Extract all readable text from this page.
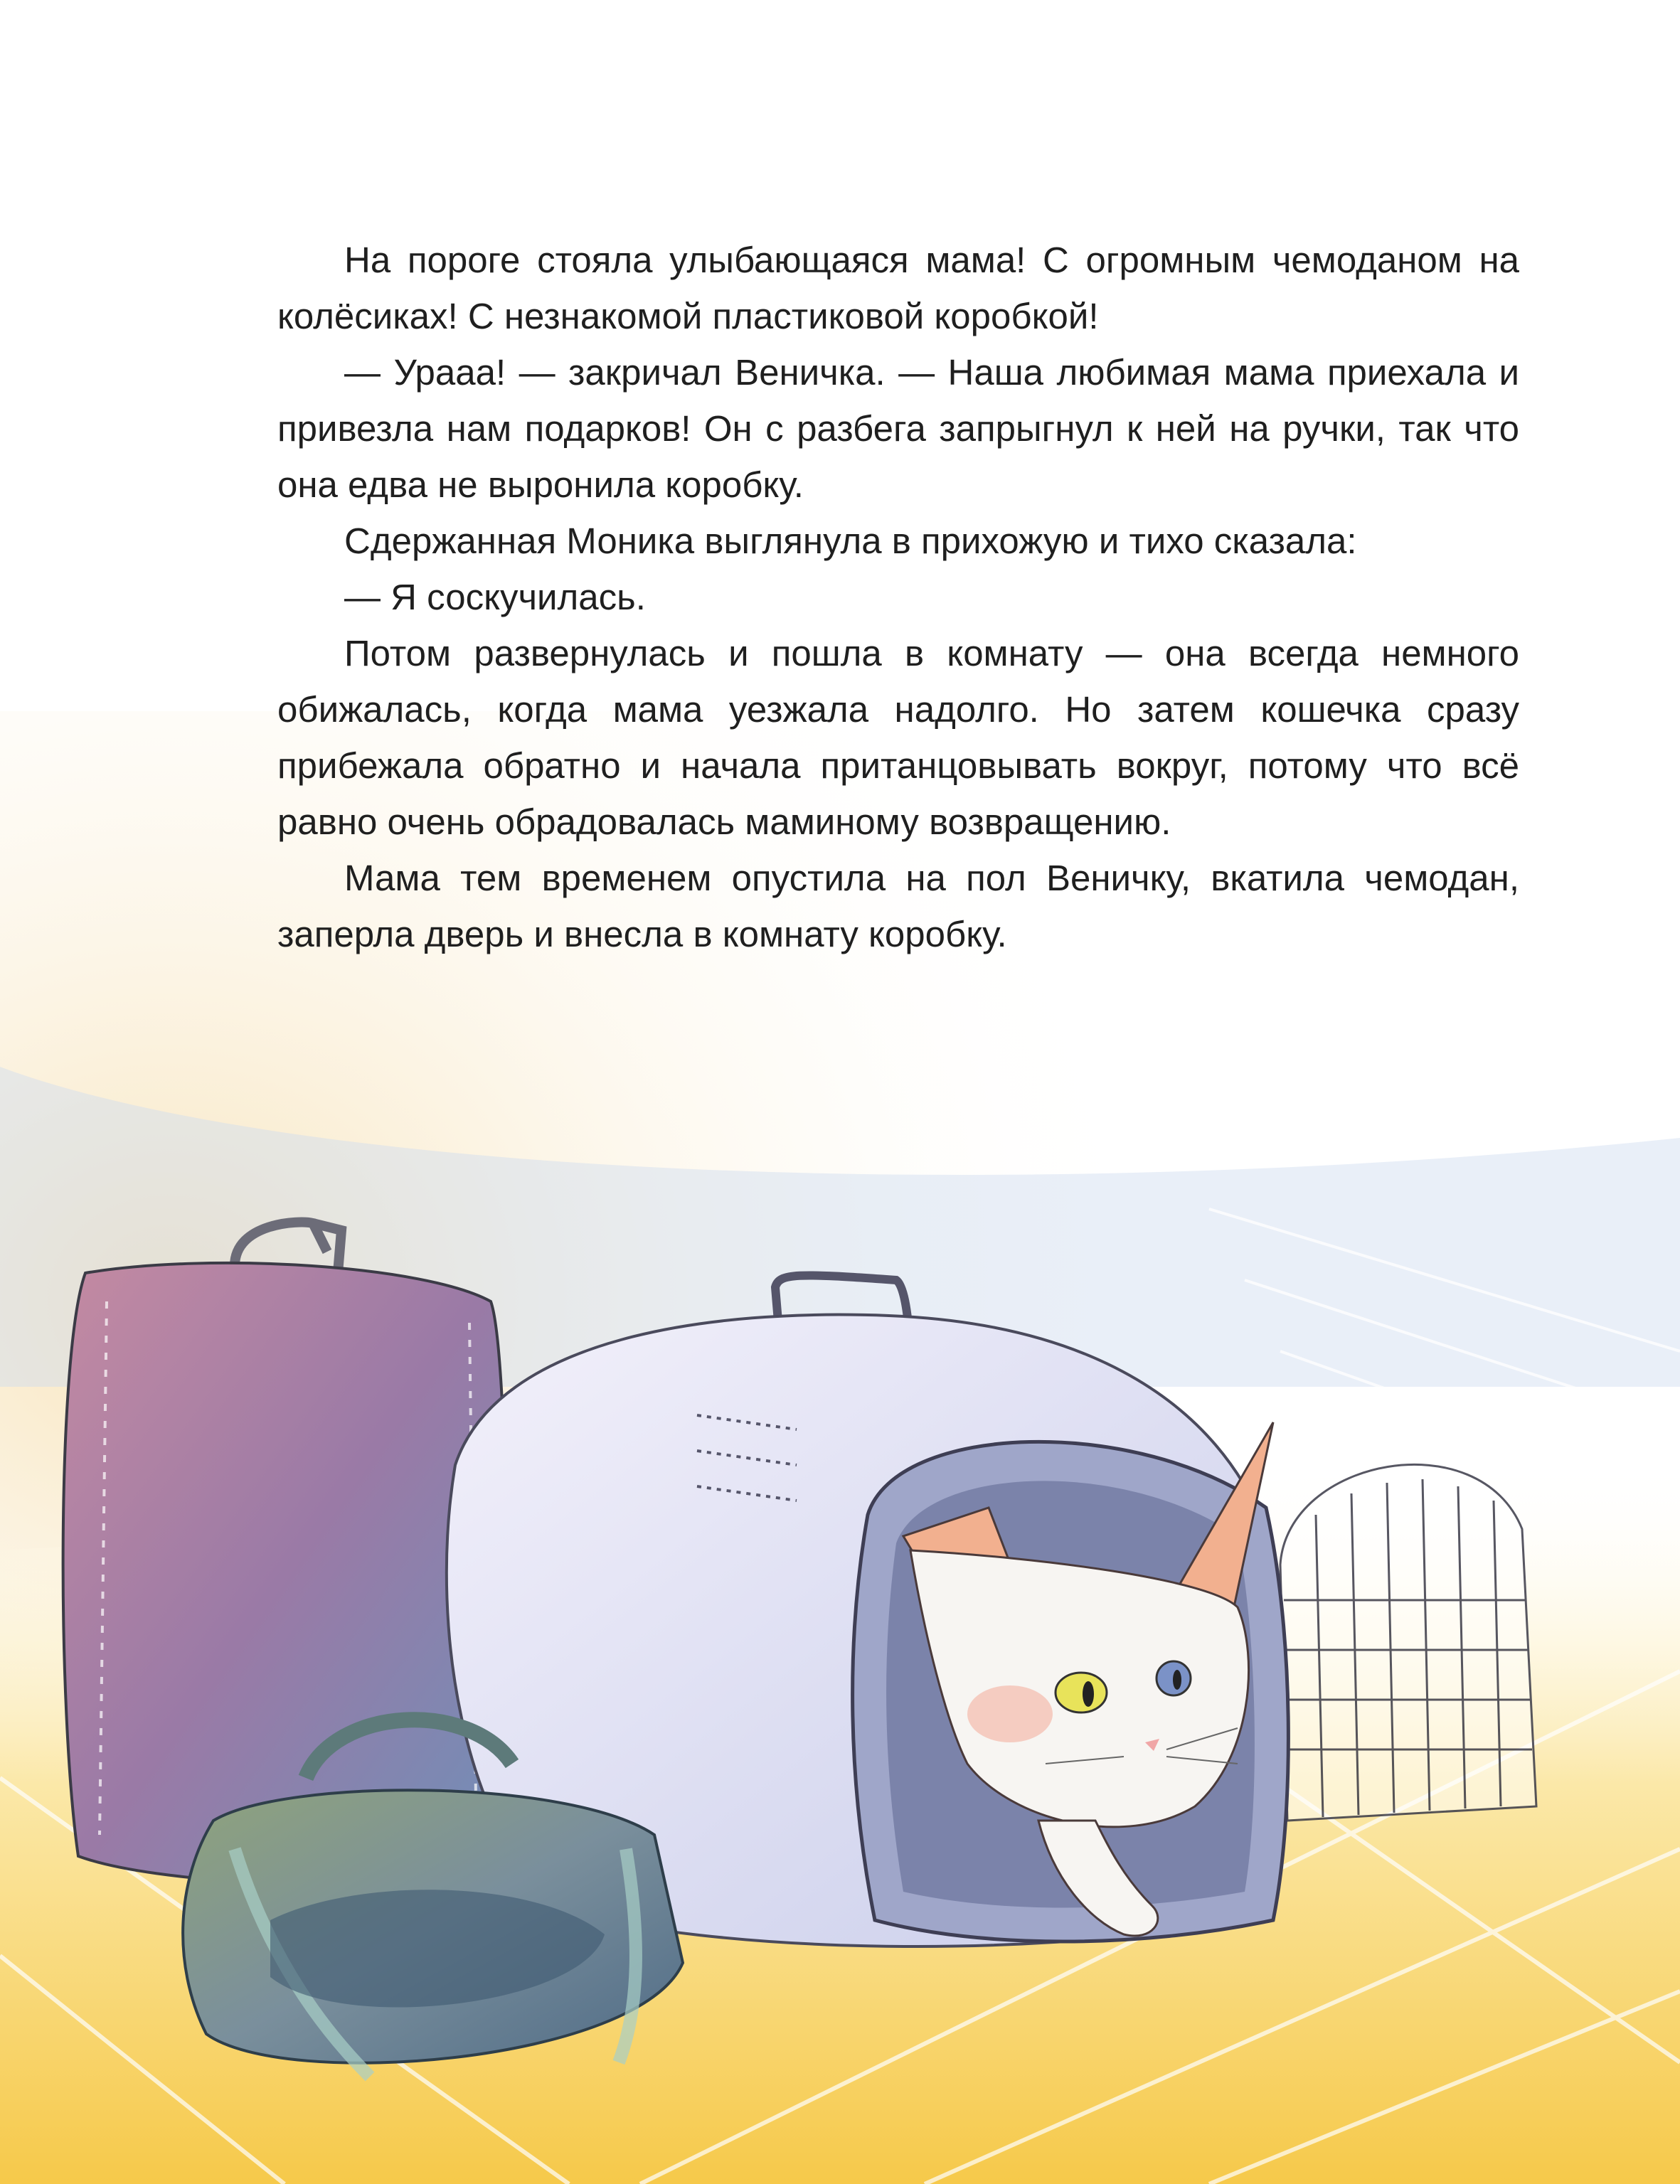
На пороге стояла улыбающаяся мама! С огромным чемоданом на колёсиках! С незнакомой пластиковой коробкой!

— Урааа! — закричал Веничка. — Наша любимая мама приехала и привезла нам подарков! Он с разбега запрыгнул к ней на ручки, так что она едва не выронила коробку.

Сдержанная Моника выглянула в прихожую и тихо сказала:

— Я соскучилась.

Потом развернулась и пошла в комнату — она всегда немного обижалась, когда мама уезжала надолго. Но затем кошечка сразу прибежала обратно и начала пританцовывать вокруг, потому что всё равно очень обрадовалась маминому возвращению.

Мама тем временем опустила на пол Веничку, вкатила чемодан, заперла дверь и внесла в комнату коробку.
